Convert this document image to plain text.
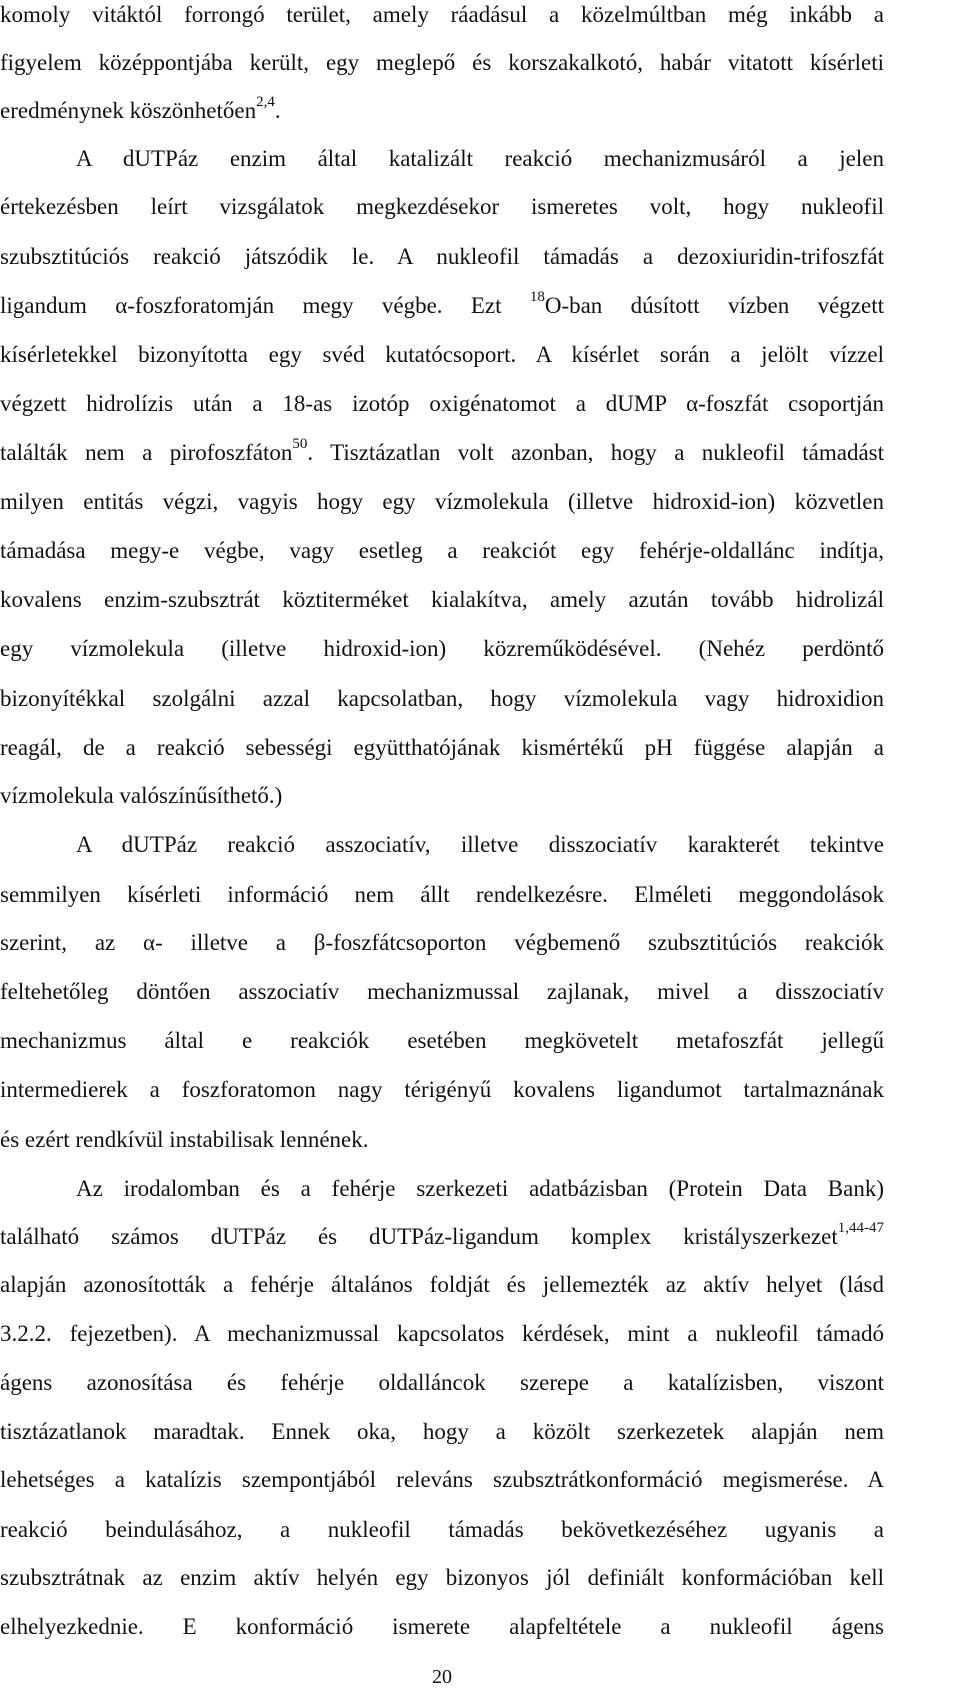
komoly vitáktól forrongó terület, amely ráadásul a közelmúltban még inkább a
figyelem középpontjába került, egy meglepő és korszakalkotó, habár vitatott kísérleti
eredménynek köszönhetően$^{2,4}$.
A dUTPáz enzim által katalizált reakció mechanizmusáról a jelen
értekezésben leírt vizsgálatok megkezdésekor ismeretes volt, hogy nukleofil
szubsztitúciós reakció játszódik le. A nukleofil támadás a dezoxiuridin-trifoszfát
ligandum α-foszforatomján megy végbe. Ezt $^{18}$O-ban dúsított vízben végzett
kísérletekkel bizonyította egy svéd kutatócsoport. A kísérlet során a jelölt vízzel
végzett hidrolízis után a 18-as izotóp oxigénatomot a dUMP α-foszfát csoportján
találták nem a pirofoszfáton$^{50}$. Tisztázatlan volt azonban, hogy a nukleofil támadást
milyen entitás végzi, vagyis hogy egy vízmolekula (illetve hidroxid-ion) közvetlen
támadása megy-e végbe, vagy esetleg a reakciót egy fehérje-oldallánc indítja,
kovalens enzim-szubsztrát köztiterméket kialakítva, amely azután tovább hidrolizál
egy vízmolekula (illetve hidroxid-ion) közreműködésével. (Nehéz perdöntő
bizonyítékkal szolgálni azzal kapcsolatban, hogy vízmolekula vagy hidroxidion
reagál, de a reakció sebességi együtthatójának kismértékű pH függése alapján a
vízmolekula valószínűsíthető.)
A dUTPáz reakció asszociatív, illetve disszociatív karakterét tekintve
semmilyen kísérleti információ nem állt rendelkezésre. Elméleti meggondolások
szerint, az α- illetve a β-foszfátcsoporton végbemenő szubsztitúciós reakciók
feltehetőleg döntően asszociatív mechanizmussal zajlanak, mivel a disszociatív
mechanizmus által e reakciók esetében megkövetelt metafoszfát jellegű
intermedierek a foszforatomon nagy térigényű kovalens ligandumot tartalmaznának
és ezért rendkívül instabilisak lennének.
Az irodalomban és a fehérje szerkezeti adatbázisban (Protein Data Bank)
található számos dUTPáz és dUTPáz-ligandum komplex kristályszerkezet$^{1,44-47}$
alapján azonosították a fehérje általános foldját és jellemezték az aktív helyet (lásd
3.2.2. fejezetben). A mechanizmussal kapcsolatos kérdések, mint a nukleofil támadó
ágens azonosítása és fehérje oldalláncok szerepe a katalízisben, viszont
tisztázatlanok maradtak. Ennek oka, hogy a közölt szerkezetek alapján nem
lehetséges a katalízis szempontjából releváns szubsztrátkonformáció megismerése. A
reakció beindulásához, a nukleofil támadás bekövetkezéséhez ugyanis a
szubsztrátnak az enzim aktív helyén egy bizonyos jól definiált konformációban kell
elhelyezkednie. E konformáció ismerete alapfeltétele a nukleofil ágens
20
